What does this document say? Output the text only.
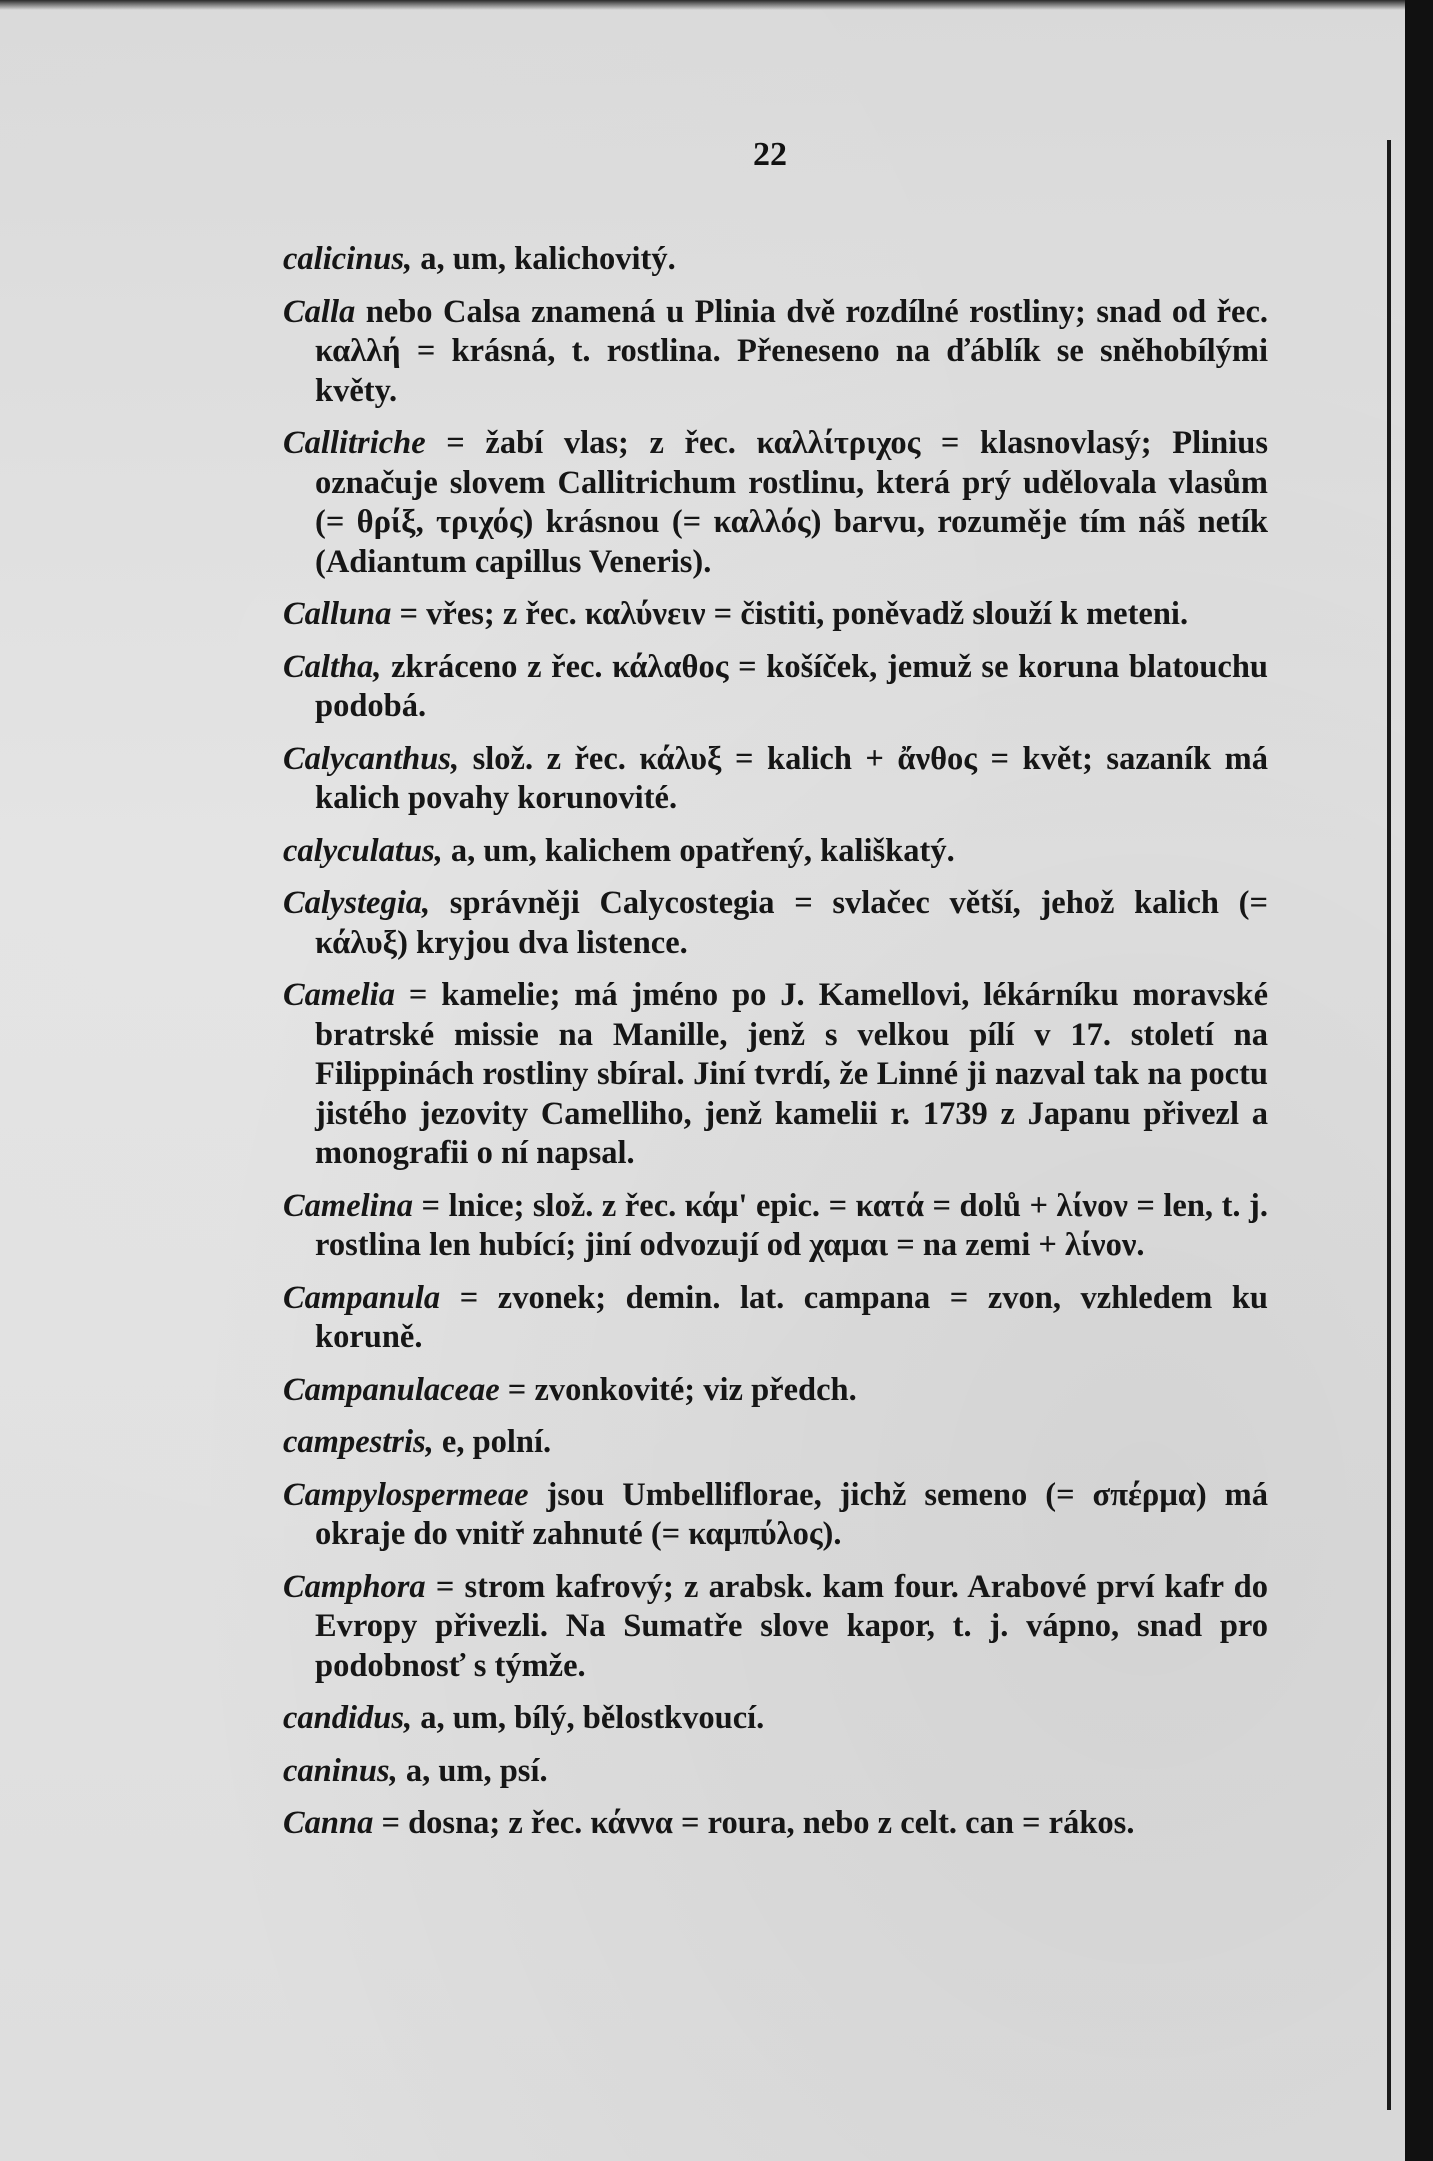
22

calicinus, a, um, kalichovitý.

Calla nebo Calsa znamená u Plinia dvě rozdílné rostliny; snad od řec. καλλή = krásná, t. rostlina. Přeneseno na ďáblík se sněhobílými květy.

Callitriche = žabí vlas; z řec. καλλίτριχος = klasnovlasý; Plinius označuje slovem Callitrichum rostlinu, která prý udělovala vlasům (= θρίξ, τριχός) krásnou (= καλλός) barvu, rozuměje tím náš netík (Adiantum capillus Veneris).

Calluna = vřes; z řec. καλύνειν = čistiti, poněvadž slouží k meteni.

Caltha, zkráceno z řec. κάλαθος = košíček, jemuž se koruna blatouchu podobá.

Calycanthus, slož. z řec. κάλυξ = kalich + ἄνθος = květ; sazaník má kalich povahy korunovité.

calyculatus, a, um, kalichem opatřený, kališkatý.

Calystegia, správněji Calycostegia = svlačec větší, jehož kalich (= κάλυξ) kryjou dva listence.

Camelia = kamelie; má jméno po J. Kamellovi, lékárníku moravské bratrské missie na Manille, jenž s velkou pílí v 17. století na Filippinách rostliny sbíral. Jiní tvrdí, že Linné ji nazval tak na poctu jistého jezovity Camelliho, jenž kamelii r. 1739 z Japanu přivezl a monografii o ní napsal.

Camelina = lnice; slož. z řec. κάμ' epic. = κατά = dolů + λίνον = len, t. j. rostlina len hubící; jiní odvozují od χαμαι = na zemi + λίνον.

Campanula = zvonek; demin. lat. campana = zvon, vzhledem ku koruně.

Campanulaceae = zvonkovité; viz předch.

campestris, e, polní.

Campylospermeae jsou Umbelliflorae, jichž semeno (= σπέρμα) má okraje do vnitř zahnuté (= καμπύλος).

Camphora = strom kafrový; z arabsk. kam four. Arabové prví kafr do Evropy přivezli. Na Sumatře slove kapor, t. j. vápno, snad pro podobnosť s týmže.

candidus, a, um, bílý, bělostkvoucí.

caninus, a, um, psí.

Canna = dosna; z řec. κάννα = roura, nebo z celt. can = rákos.
